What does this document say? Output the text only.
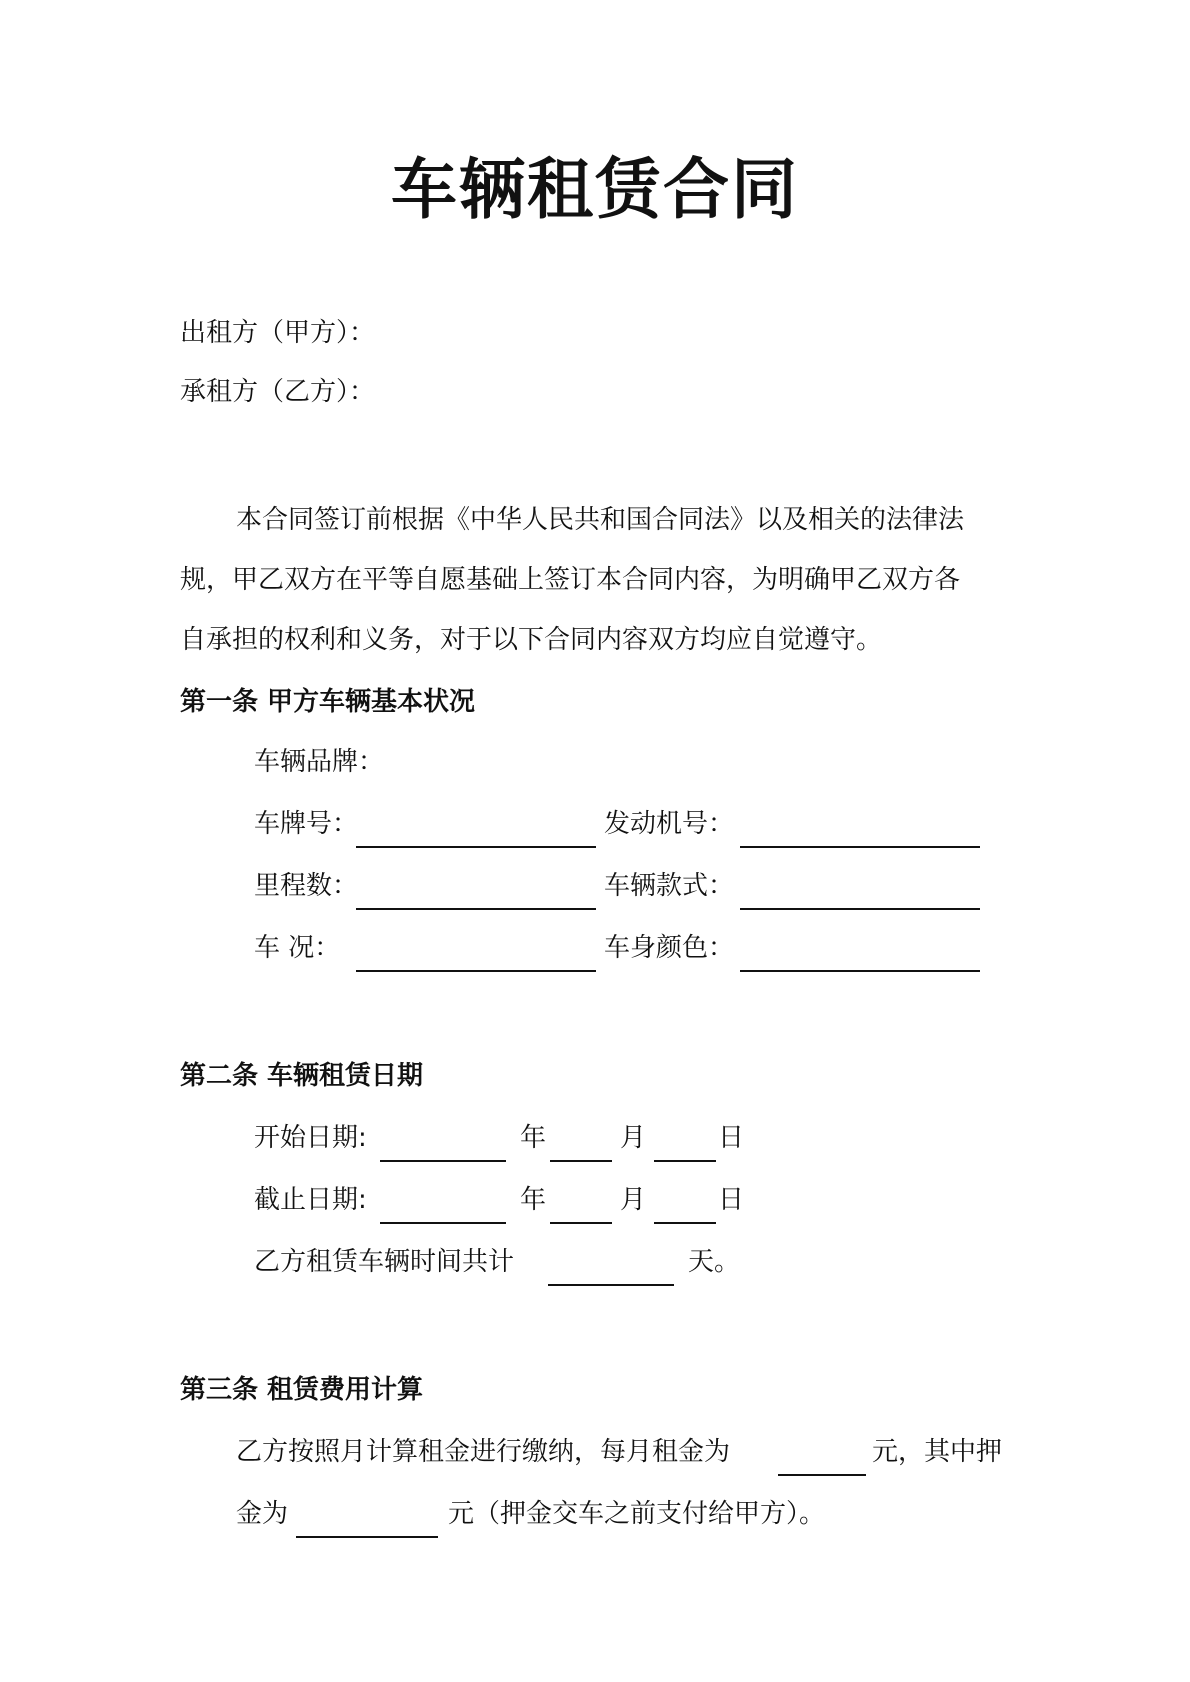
车辆租赁合同
出租方（甲方）：
承租方（乙方）：
本合同签订前根据《中华人民共和国合同法》以及相关的法律法
规，甲乙双方在平等自愿基础上签订本合同内容，为明确甲乙双方各
自承担的权利和义务，对于以下合同内容双方均应自觉遵守。
第一条 甲方车辆基本状况
车辆品牌：
车牌号：	发动机号：
里程数：	车辆款式：
车 况：	车身颜色：
第二条 车辆租赁日期
开始日期:	年	月	日
截止日期:	年	月	日
乙方租赁车辆时间共计	天。
第三条 租赁费用计算
乙方按照月计算租金进行缴纳，每月租金为	元，其中押
金为	元（押金交车之前支付给甲方）。
